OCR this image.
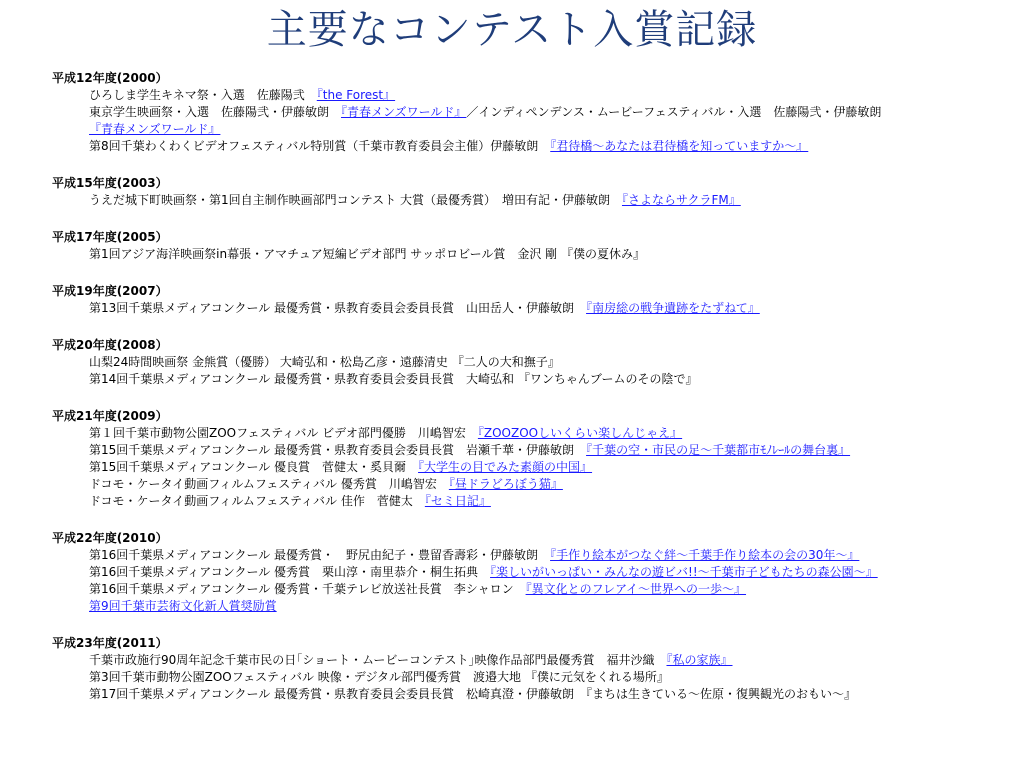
主要なコンテスト入賞記録
平成12年度(2000）
ひろしま学生キネマ祭・入選　佐藤陽弐　『the Forest』
東京学生映画祭・入選　佐藤陽弐・伊藤敏朗　『青春メンズワールド』／インディペンデンス・ムービーフェスティバル・入選　佐藤陽弐・伊藤敏朗
『青春メンズワールド』
第8回千葉わくわくビデオフェスティバル特別賞（千葉市教育委員会主催）伊藤敏朗　『君待橋～あなたは君待橋を知っていますか～』
平成15年度(2003）
うえだ城下町映画祭・第1回自主制作映画部門コンテスト 大賞（最優秀賞）　増田有記・伊藤敏朗　『さよならサクラFM』
平成17年度(2005）
第1回アジア海洋映画祭in幕張・アマチュア短編ビデオ部門 サッポロビール賞　金沢 剛 『僕の夏休み』
平成19年度(2007）
第13回千葉県メディアコンクール 最優秀賞・県教育委員会委員長賞　山田岳人・伊藤敏朗　『南房総の戦争遺跡をたずねて』
平成20年度(2008）
山梨24時間映画祭 金熊賞（優勝） 大崎弘和・松島乙彦・遠藤清史 『二人の大和撫子』
第14回千葉県メディアコンクール 最優秀賞・県教育委員会委員長賞　大崎弘和 『ワンちゃんブームのその陰で』
平成21年度(2009）
第１回千葉市動物公園ZOOフェスティバル ビデオ部門優勝　川嶋智宏　『ZOOZOOしいくらい楽しんじゃえ』
第15回千葉県メディアコンクール 最優秀賞・県教育委員会委員長賞　岩瀬千華・伊藤敏朗　『千葉の空・市民の足～千葉都市ﾓﾉﾚｰﾙの舞台裏』
第15回千葉県メディアコンクール 優良賞　菅健太・奚貝爾　『大学生の目でみた素顔の中国』
ドコモ・ケータイ動画フィルムフェスティバル 優秀賞　川嶋智宏　『昼ドラどろぼう猫』
ドコモ・ケータイ動画フィルムフェスティバル 佳作　菅健太　『セミ日記』
平成22年度(2010）
第16回千葉県メディアコンクール 最優秀賞・　野尻由紀子・豊留香壽彩・伊藤敏朗　『手作り絵本がつなぐ絆～千葉手作り絵本の会の30年～』
第16回千葉県メディアコンクール 優秀賞　栗山淳・南里恭介・桐生拓典　『楽しいがいっぱい・みんなの遊ビバ!!～千葉市子どもたちの森公園～』
第16回千葉県メディアコンクール 優秀賞・千葉テレビ放送社長賞　李シャロン　『異文化とのフレアイ～世界への一歩～』
第9回千葉市芸術文化新人賞奨励賞
平成23年度(2011）
千葉市政施行90周年記念千葉市民の日｢ショート・ムービーコンテスト｣映像作品部門最優秀賞　福井沙織　『私の家族』
第3回千葉市動物公園ZOOフェスティバル 映像・デジタル部門優秀賞　渡邉大地 『僕に元気をくれる場所』
第17回千葉県メディアコンクール 最優秀賞・県教育委員会委員長賞　松崎真澄・伊藤敏朗　『まちは生きている～佐原・復興観光のおもい～』
